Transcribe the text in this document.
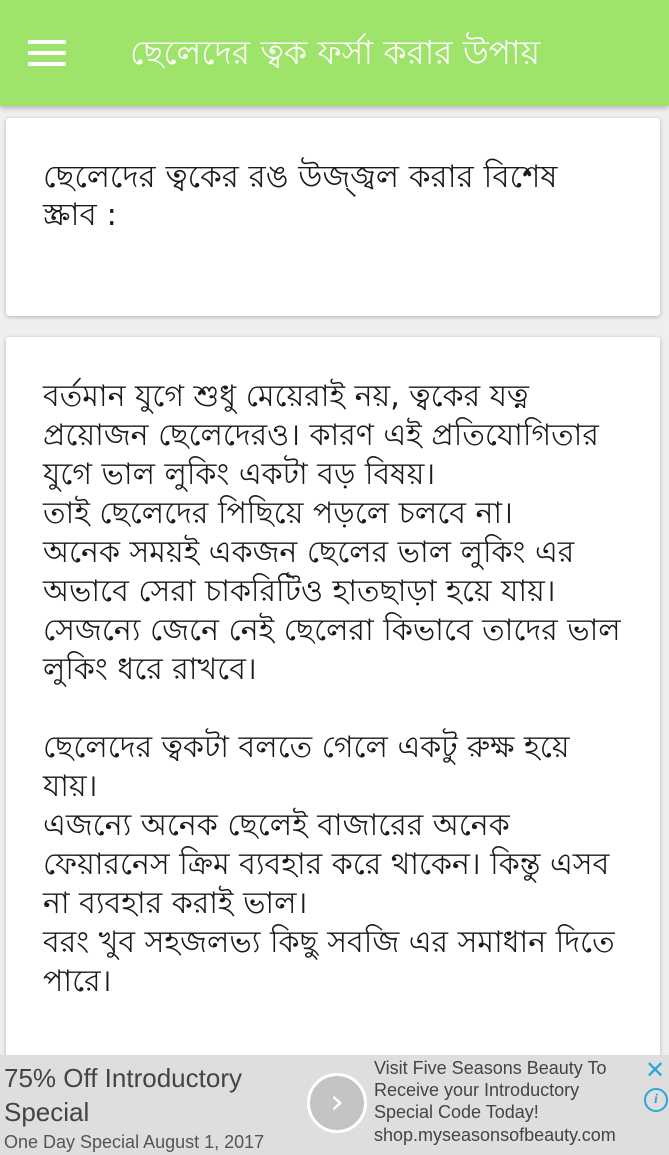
ছেলেদের ত্বক ফর্সা করার উপায়

ছেলেদের ত্বকের রঙ উজ্জ্বল করার বিশেষ স্ক্রাব :

বর্তমান যুগে শুধু মেয়েরাই নয়, ত্বকের যত্ন প্রয়োজন ছেলেদেরও। কারণ এই প্রতিযোগিতার যুগে ভাল লুকিং একটা বড় বিষয়।

তাই ছেলেদের পিছিয়ে পড়লে চলবে না।

অনেক সময়ই একজন ছেলের ভাল লুকিং এর অভাবে সেরা চাকরিটিও হাতছাড়া হয়ে যায়।

সেজন্যে জেনে নেই ছেলেরা কিভাবে তাদের ভাল লুকিং ধরে রাখবে।

ছেলেদের ত্বকটা বলতে গেলে একটু রুক্ষ হয়ে যায়।

এজন্যে অনেক ছেলেই বাজারের অনেক ফেয়ারনেস ক্রিম ব্যবহার করে থাকেন। কিন্তু এসব না ব্যবহার করাই ভাল।

বরং খুব সহজলভ্য কিছু সবজি এর সমাধান দিতে পারে।

75% Off Introductory Special
One Day Special August 1, 2017
›
Visit Five Seasons Beauty To Receive your Introductory Special Code Today!
shop.myseasonsofbeauty.com
✕
i
